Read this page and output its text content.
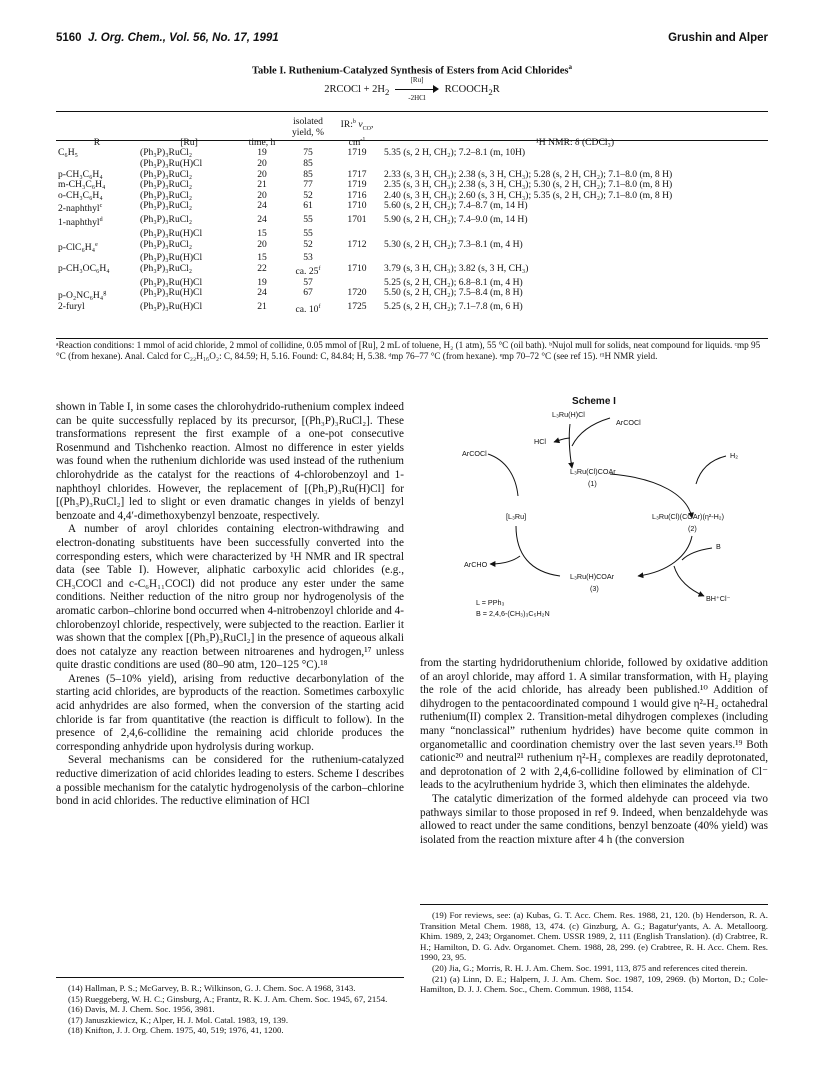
5160 J. Org. Chem., Vol. 56, No. 17, 1991	Grushin and Alper
Table I. Ruthenium-Catalyzed Synthesis of Esters from Acid Chlorides$^a$
2RCOCl + $2H_2$
[Ru]
-2HCl
$RCOOCH_2R$

R	[Ru]	time, h	isolated
yield, %	IR:$^b$ $\nu_{CO}$,
$cm^{-1}$	¹H NMR: δ (CDCl₃)
C₆H₅	(Ph₃P)₃RuCl₂	19	75	1719	5.35 (s, 2 H, CH₂); 7.2–8.1 (m, 10H)
	(Ph₃P)₃Ru(H)Cl	20	85		
p-CH₃C₆H₄	(Ph₃P)₃RuCl₂	20	85	1717	2.33 (s, 3 H, CH₃); 2.38 (s, 3 H, CH₃); 5.28 (s, 2 H, CH₂); 7.1–8.0 (m, 8 H)
m-CH₃C₆H₄	(Ph₃P)₃RuCl₂	21	77	1719	2.35 (s, 3 H, CH₃); 2.38 (s, 3 H, CH₃); 5.30 (s, 2 H, CH₂); 7.1–8.0 (m, 8 H)
o-CH₃C₆H₄	(Ph₃P)₃RuCl₂	20	52	1716	2.40 (s, 3 H, CH₃); 2.60 (s, 3 H, CH₃); 5.35 (s, 2 H, CH₂); 7.1–8.0 (m, 8 H)
2-naphthyl$^c$	(Ph₃P)₃RuCl₂	24	61	1710	5.60 (s, 2 H, CH₂); 7.4–8.7 (m, 14 H)
1-naphthyl$^d$	(Ph₃P)₃RuCl₂	24	55	1701	5.90 (s, 2 H, CH₂); 7.4–9.0 (m, 14 H)
	(Ph₃P)₃Ru(H)Cl	15	55		
p-ClC₆H₄$^e$	(Ph₃P)₃RuCl₂	20	52	1712	5.30 (s, 2 H, CH₂); 7.3–8.1 (m, 4 H)
	(Ph₃P)₃Ru(H)Cl	15	53		
p-CH₃OC₆H₄	(Ph₃P)₃RuCl₂	22	ca. 25$^f$	1710	3.79 (s, 3 H, CH₃); 3.82 (s, 3 H, CH₃)
	(Ph₃P)₃Ru(H)Cl	19	57		5.25 (s, 2 H, CH₂); 6.8–8.1 (m, 4 H)
p-O₂NC₆H₄$^g$	(Ph₃P)₃Ru(H)Cl	24	67	1720	5.50 (s, 2 H, CH₂); 7.5–8.4 (m, 8 H)
2-furyl	(Ph₃P)₃Ru(H)Cl	21	ca. 10$^f$	1725	5.25 (s, 2 H, CH₂); 7.1–7.8 (m, 6 H)
ᵃReaction conditions: 1 mmol of acid chloride, 2 mmol of collidine, 0.05 mmol of [Ru], 2 mL of toluene, H₂ (1 atm), 55 °C (oil bath). ᵇNujol mull for solids, neat compound for liquids. ᶜmp 95 °C (from hexane). Anal. Calcd for C₂₂H₁₆O₂: C, 84.59; H, 5.16. Found: C, 84.84; H, 5.38. ᵈmp 76–77 °C (from hexane). ᵉmp 70–72 °C (see ref 15). ᶠ¹H NMR yield.

shown in Table I, in some cases the chlorohydrido-ruthenium complex indeed can be quite successfully replaced by its precursor, [(Ph₃P)₃RuCl₂]. These transformations represent the first example of a one-pot consecutive Rosenmund and Tishchenko reaction. Almost no difference in ester yields was found when the ruthenium dichloride was used instead of the ruthenium chlorohydride as the catalyst for the reactions of 4-chlorobenzoyl and 1-naphthoyl chlorides. However, the replacement of [(Ph₃P)₃Ru(H)Cl] for [(Ph₃P)₃RuCl₂] led to slight or even dramatic changes in yields of benzyl benzoate and 4,4′-dimethoxybenzyl benzoate, respectively.

A number of aroyl chlorides containing electron-withdrawing and electron-donating substituents have been successfully converted into the corresponding esters, which were characterized by ¹H NMR and IR spectral data (see Table I). However, aliphatic carboxylic acid chlorides (e.g., CH₃COCl and c-C₆H₁₁COCl) did not produce any ester under the same conditions. Neither reduction of the nitro group nor hydrogenolysis of the aromatic carbon–chlorine bond occurred when 4-nitrobenzoyl chloride and 4-chlorobenzoyl chloride, respectively, were subjected to the reaction. Earlier it was shown that the complex [(Ph₃P)₃RuCl₂] in the presence of aqueous alkali does not catalyze any reaction between nitroarenes and hydrogen,¹⁷ unless quite drastic conditions are used (80–90 atm, 120–125 °C).¹⁸

Arenes (5–10% yield), arising from reductive decarbonylation of the starting acid chlorides, are byproducts of the reaction. Sometimes carboxylic acid anhydrides are also formed, when the conversion of the starting acid chloride is far from quantitative (the reaction is difficult to follow). In the presence of 2,4,6-collidine the remaining acid chloride produces the corresponding anhydride upon hydrolysis during workup.

Several mechanisms can be considered for the ruthenium-catalyzed reductive dimerization of acid chlorides leading to esters. Scheme I describes a possible mechanism for the catalytic hydrogenolysis of the carbon–chlorine bond in acid chlorides. The reductive elimination of HCl

(14) Hallman, P. S.; McGarvey, B. R.; Wilkinson, G. J. Chem. Soc. A 1968, 3143.

(15) Rueggeberg, W. H. C.; Ginsburg, A.; Frantz, R. K. J. Am. Chem. Soc. 1945, 67, 2154.

(16) Davis, M. J. Chem. Soc. 1956, 3981.

(17) Januszkiewicz, K.; Alper, H. J. Mol. Catal. 1983, 19, 139.

(18) Knifton, J. J. Org. Chem. 1975, 40, 519; 1976, 41, 1200.

Scheme I
L₃Ru(H)Cl
ArCOCl
HCl
ArCOCl	H₂
L₃Ru(Cl)COAr
(1)
[L₃Ru]	L₃Ru(Cl)(COAr)(η²-H₂)
(2)
B
ArCHO
L₃Ru(H)COAr
(3)
BH⁺Cl⁻
L = PPh₃
B = 2,4,6-(CH₃)₃C₅H₂N

from the starting hydridoruthenium chloride, followed by oxidative addition of an aroyl chloride, may afford 1. A similar transformation, with H₂ playing the role of the acid chloride, has already been published.¹⁰ Addition of dihydrogen to the pentacoordinated compound 1 would give η²-H₂ octahedral ruthenium(II) complex 2. Transition-metal dihydrogen complexes (including many “nonclassical” ruthenium hydrides) have become quite common in organometallic and coordination chemistry over the last seven years.¹⁹ Both cationic²⁰ and neutral²¹ ruthenium η²-H₂ complexes are readily deprotonated, and deprotonation of 2 with 2,4,6-collidine followed by elimination of Cl⁻ leads to the acylruthenium hydride 3, which then eliminates the aldehyde.

The catalytic dimerization of the formed aldehyde can proceed via two pathways similar to those proposed in ref 9. Indeed, when benzaldehyde was allowed to react under the same conditions, benzyl benzoate (40% yield) was isolated from the reaction mixture after 4 h (the conversion

(19) For reviews, see: (a) Kubas, G. T. Acc. Chem. Res. 1988, 21, 120. (b) Henderson, R. A. Transition Metal Chem. 1988, 13, 474. (c) Ginzburg, A. G.; Bagatur'yants, A. A. Metalloorg. Khim. 1989, 2, 243; Organomet. Chem. USSR 1989, 2, 111 (English Translation). (d) Crabtree, R. H.; Hamilton, D. G. Adv. Organomet. Chem. 1988, 28, 299. (e) Crabtree, R. H. Acc. Chem. Res. 1990, 23, 95.

(20) Jia, G.; Morris, R. H. J. Am. Chem. Soc. 1991, 113, 875 and references cited therein.

(21) (a) Linn, D. E.; Halpern, J. J. Am. Chem. Soc. 1987, 109, 2969. (b) Morton, D.; Cole-Hamilton, D. J. J. Chem. Soc., Chem. Commun. 1988, 1154.
